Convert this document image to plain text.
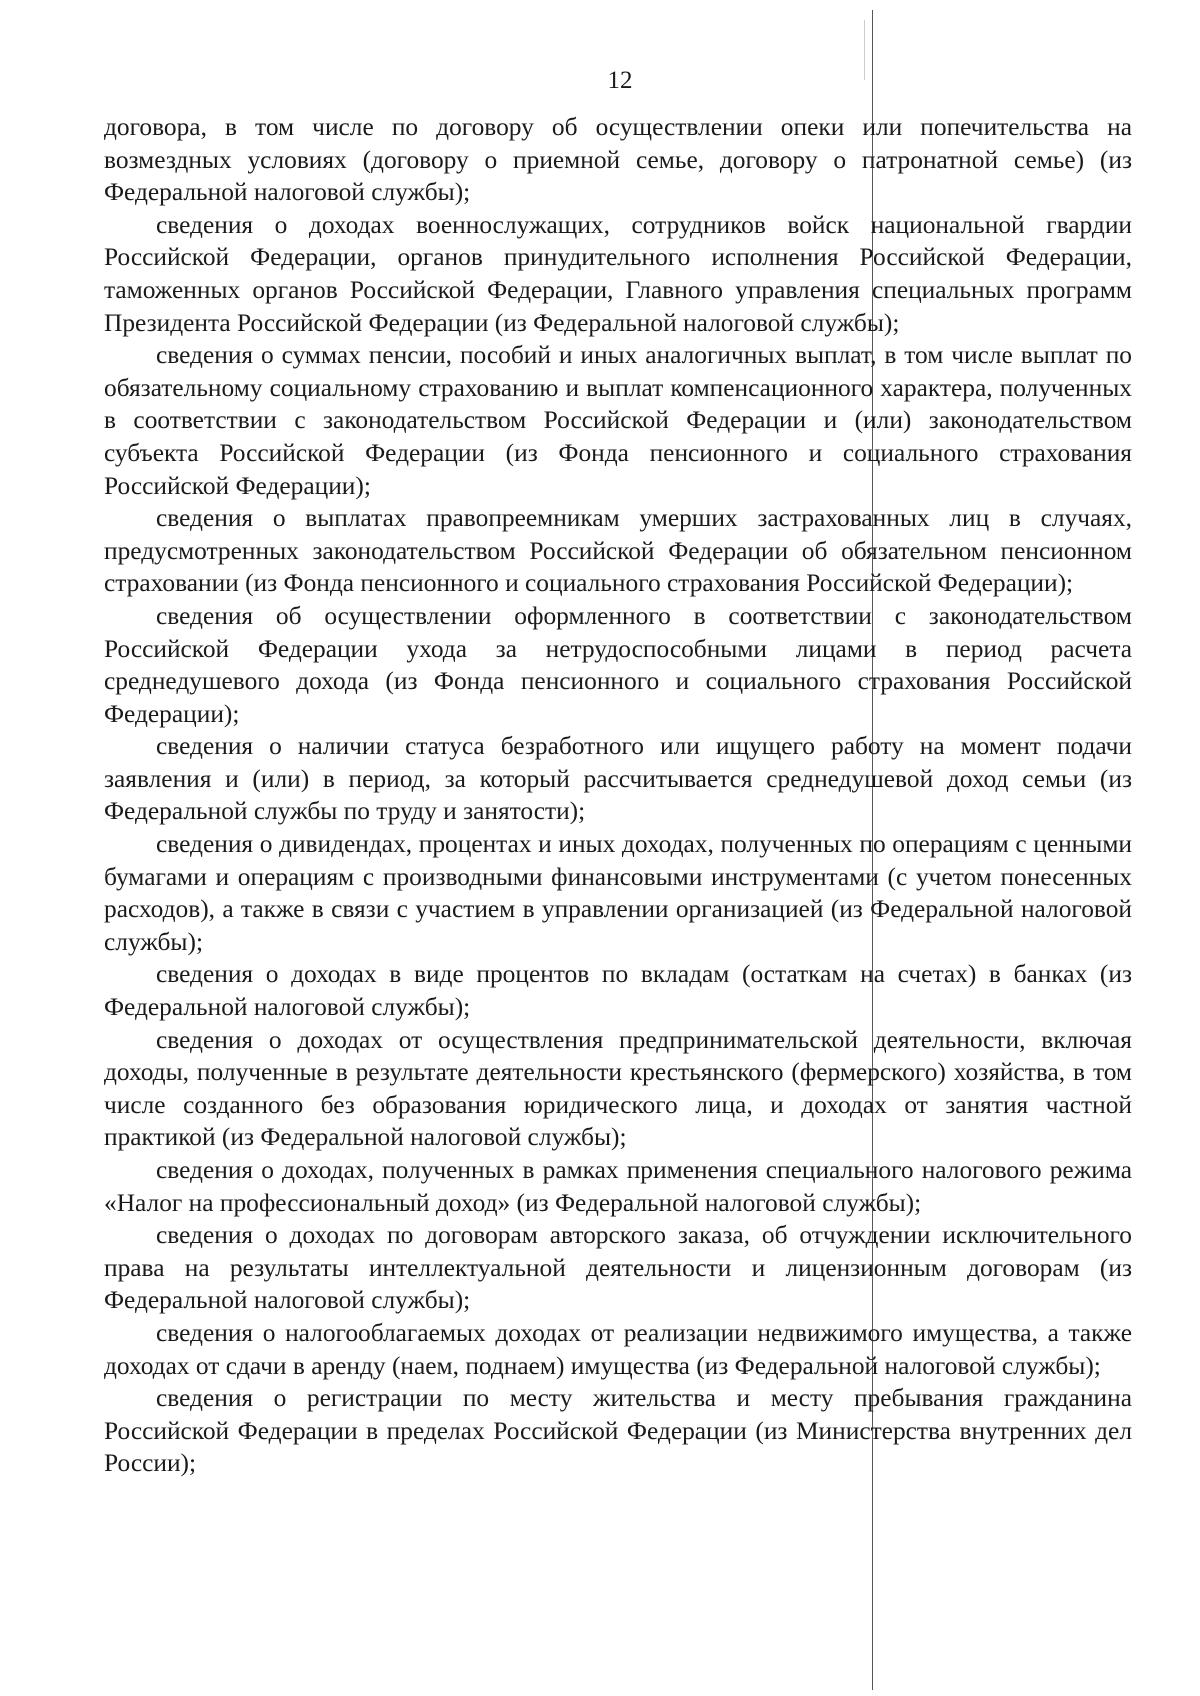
12

договора, в том числе по договору об осуществлении опеки или попечительства на возмездных условиях (договору о приемной семье, договору о патронатной семье) (из Федеральной налоговой службы);

сведения о доходах военнослужащих, сотрудников войск национальной гвардии Российской Федерации, органов принудительного исполнения Российской Федерации, таможенных органов Российской Федерации, Главного управления специальных программ Президента Российской Федерации (из Федеральной налоговой службы);

сведения о суммах пенсии, пособий и иных аналогичных выплат, в том числе выплат по обязательному социальному страхованию и выплат компенсационного характера, полученных в соответствии с законодательством Российской Федерации и (или) законодательством субъекта Российской Федерации (из Фонда пенсионного и социального страхования Российской Федерации);

сведения о выплатах правопреемникам умерших застрахованных лиц в случаях, предусмотренных законодательством Российской Федерации об обязательном пенсионном страховании (из Фонда пенсионного и социального страхования Российской Федерации);

сведения об осуществлении оформленного в соответствии с законодательством Российской Федерации ухода за нетрудоспособными лицами в период расчета среднедушевого дохода (из Фонда пенсионного и социального страхования Российской Федерации);

сведения о наличии статуса безработного или ищущего работу на момент подачи заявления и (или) в период, за который рассчитывается среднедушевой доход семьи (из Федеральной службы по труду и занятости);

сведения о дивидендах, процентах и иных доходах, полученных по операциям с ценными бумагами и операциям с производными финансовыми инструментами (с учетом понесенных расходов), а также в связи с участием в управлении организацией (из Федеральной налоговой службы);

сведения о доходах в виде процентов по вкладам (остаткам на счетах) в банках (из Федеральной налоговой службы);

сведения о доходах от осуществления предпринимательской деятельности, включая доходы, полученные в результате деятельности крестьянского (фермерского) хозяйства, в том числе созданного без образования юридического лица, и доходах от занятия частной практикой (из Федеральной налоговой службы);

сведения о доходах, полученных в рамках применения специального налогового режима «Налог на профессиональный доход» (из Федеральной налоговой службы);

сведения о доходах по договорам авторского заказа, об отчуждении исключительного права на результаты интеллектуальной деятельности и лицензионным договорам (из Федеральной налоговой службы);

сведения о налогооблагаемых доходах от реализации недвижимого имущества, а также доходах от сдачи в аренду (наем, поднаем) имущества (из Федеральной налоговой службы);

сведения о регистрации по месту жительства и месту пребывания гражданина Российской Федерации в пределах Российской Федерации (из Министерства внутренних дел России);
